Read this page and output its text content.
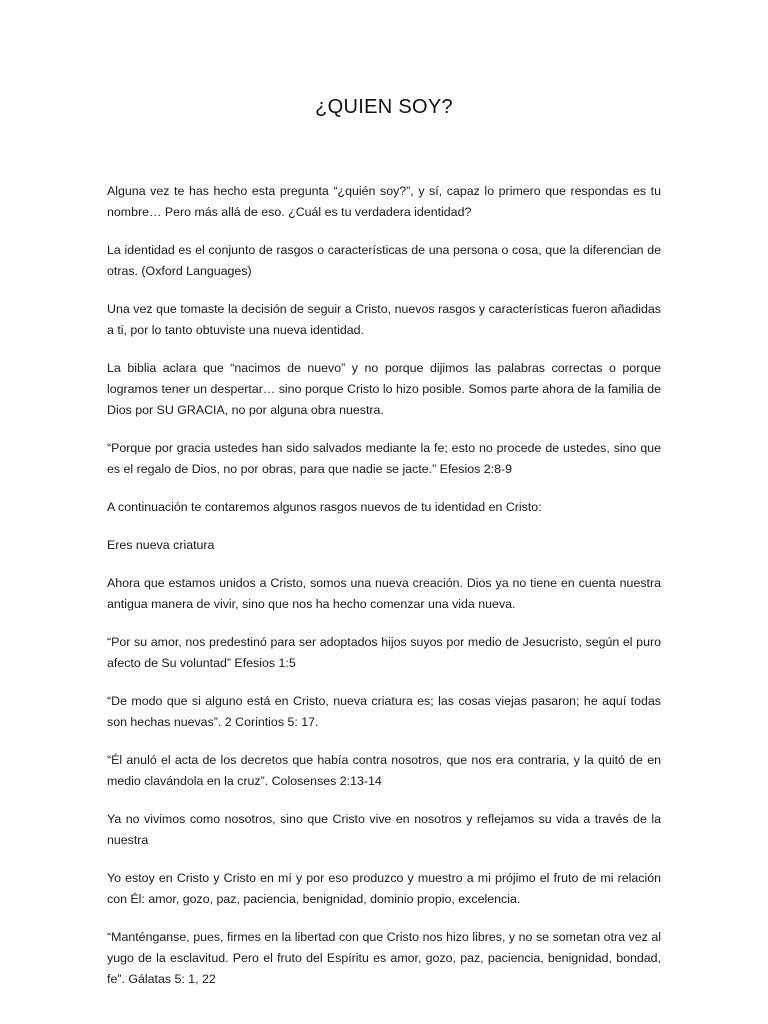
¿QUIEN SOY?

Alguna vez te has hecho esta pregunta “¿quién soy?”, y sí, capaz lo primero que respondas es tu nombre… Pero más allá de eso. ¿Cuál es tu verdadera identidad?

La identidad es el conjunto de rasgos o características de una persona o cosa, que la diferencian de otras. (Oxford Languages)

Una vez que tomaste la decisión de seguir a Cristo, nuevos rasgos y características fueron añadidas a ti, por lo tanto obtuviste una nueva identidad.

La biblia aclara que “nacimos de nuevo” y no porque dijimos las palabras correctas o porque logramos tener un despertar… sino porque Cristo lo hizo posible. Somos parte ahora de la familia de Dios por SU GRACIA, no por alguna obra nuestra.

“Porque por gracia ustedes han sido salvados mediante la fe; esto no procede de ustedes, sino que es el regalo de Dios, no por obras, para que nadie se jacte.” Efesios 2:8-9

A continuación te contaremos algunos rasgos nuevos de tu identidad en Cristo:

Eres nueva criatura

Ahora que estamos unidos a Cristo, somos una nueva creación. Dios ya no tiene en cuenta nuestra antigua manera de vivir, sino que nos ha hecho comenzar una vida nueva.

“Por su amor, nos predestinó para ser adoptados hijos suyos por medio de Jesucristo, según el puro afecto de Su voluntad” Efesios 1:5

“De modo que si alguno está en Cristo, nueva criatura es; las cosas viejas pasaron; he aquí todas son hechas nuevas”. 2 Corintios 5: 17.

“Él anuló el acta de los decretos que había contra nosotros, que nos era contraria, y la quitó de en medio clavándola en la cruz”. Colosenses 2:13-14

Ya no vivimos como nosotros, sino que Cristo vive en nosotros y reflejamos su vida a través de la nuestra

Yo estoy en Cristo y Cristo en mí y por eso produzco y muestro a mi prójimo el fruto de mi relación con Él: amor, gozo, paz, paciencia, benignidad, dominio propio, excelencia.

“Manténganse, pues, firmes en la libertad con que Cristo nos hizo libres, y no se sometan otra vez al yugo de la esclavitud. Pero el fruto del Espíritu es amor, gozo, paz, paciencia, benignidad, bondad, fe”. Gálatas 5: 1, 22
